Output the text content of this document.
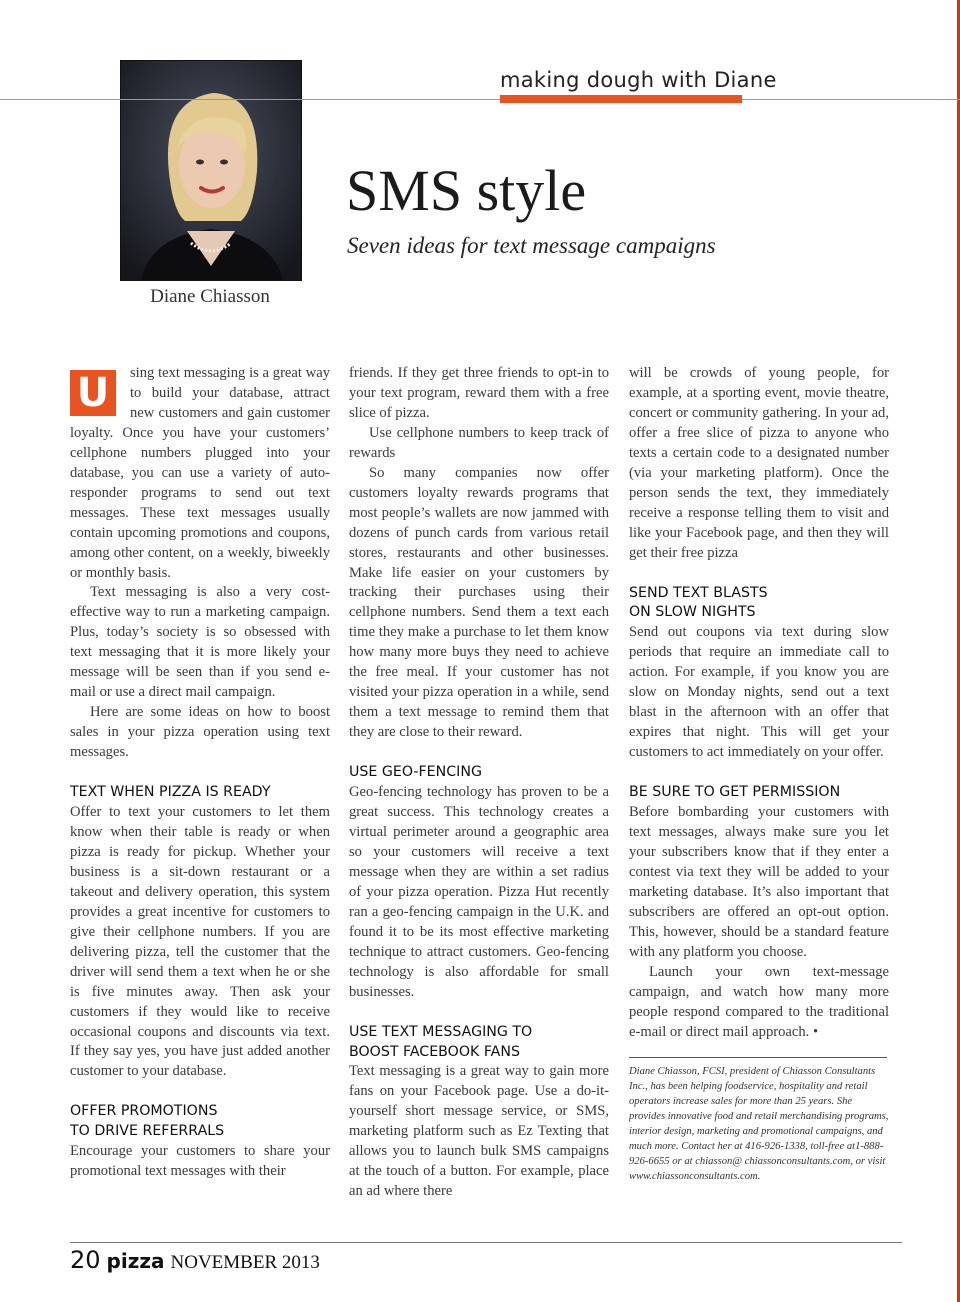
Diane Chiasson
making dough with Diane
SMS style
Seven ideas for text message campaigns

U	sing text messaging is a great way to build your database, attract new customers and gain customer loyalty. Once you have your customers’ cellphone numbers plugged into your database, you can use a variety of auto-responder programs to send out text messages. These text messages usually contain upcoming promotions and coupons, among other content, on a weekly, biweekly or monthly basis.

Text messaging is also a very cost-effective way to run a marketing campaign. Plus, today’s society is so obsessed with text messaging that it is more likely your message will be seen than if you send e-mail or use a direct mail campaign.

Here are some ideas on how to boost sales in your pizza operation using text messages.

TEXT WHEN PIZZA IS READY

Offer to text your customers to let them know when their table is ready or when pizza is ready for pickup. Whether your business is a sit-down restaurant or a takeout and delivery operation, this system provides a great incentive for customers to give their cellphone numbers. If you are delivering pizza, tell the customer that the driver will send them a text when he or she is five minutes away. Then ask your customers if they would like to receive occasional coupons and discounts via text. If they say yes, you have just added another customer to your database.

OFFER PROMOTIONS
TO DRIVE REFERRALS

Encourage your customers to share your promotional text messages with their

friends. If they get three friends to opt-in to your text program, reward them with a free slice of pizza.

Use cellphone numbers to keep track of rewards

So many companies now offer customers loyalty rewards programs that most people’s wallets are now jammed with dozens of punch cards from various retail stores, restaurants and other businesses. Make life easier on your customers by tracking their purchases using their cellphone numbers. Send them a text each time they make a purchase to let them know how many more buys they need to achieve the free meal. If your customer has not visited your pizza operation in a while, send them a text message to remind them that they are close to their reward.

USE GEO-FENCING

Geo-fencing technology has proven to be a great success. This technology creates a virtual perimeter around a geographic area so your customers will receive a text message when they are within a set radius of your pizza operation. Pizza Hut recently ran a geo-fencing campaign in the U.K. and found it to be its most effective marketing technique to attract customers. Geo-fencing technology is also affordable for small businesses.

USE TEXT MESSAGING TO
BOOST FACEBOOK FANS

Text messaging is a great way to gain more fans on your Facebook page. Use a do-it-yourself short message service, or SMS, marketing platform such as Ez Texting that allows you to launch bulk SMS campaigns at the touch of a button. For example, place an ad where there

will be crowds of young people, for example, at a sporting event, movie theatre, concert or community gathering. In your ad, offer a free slice of pizza to anyone who texts a certain code to a designated number (via your marketing platform). Once the person sends the text, they immediately receive a response telling them to visit and like your Facebook page, and then they will get their free pizza

SEND TEXT BLASTS
ON SLOW NIGHTS

Send out coupons via text during slow periods that require an immediate call to action. For example, if you know you are slow on Monday nights, send out a text blast in the afternoon with an offer that expires that night. This will get your customers to act immediately on your offer.

BE SURE TO GET PERMISSION

Before bombarding your customers with text messages, always make sure you let your subscribers know that if they enter a contest via text they will be added to your marketing database. It’s also important that subscribers are offered an opt-out option. This, however, should be a standard feature with any platform you choose.

Launch your own text-message campaign, and watch how many more people respond compared to the traditional e-mail or direct mail approach. •

Diane Chiasson, FCSI, president of Chiasson Consultants Inc., has been helping foodservice, hospitality and retail operators increase sales for more than 25 years. She provides innovative food and retail merchandising programs, interior design, marketing and promotional campaigns, and much more. Contact her at 416-926-1338, toll-free at1-888-926-6655 or at chiasson@ chiassonconsultants.com, or visit www.chiassonconsultants.com.
20 pizza NOVEMBER 2013
